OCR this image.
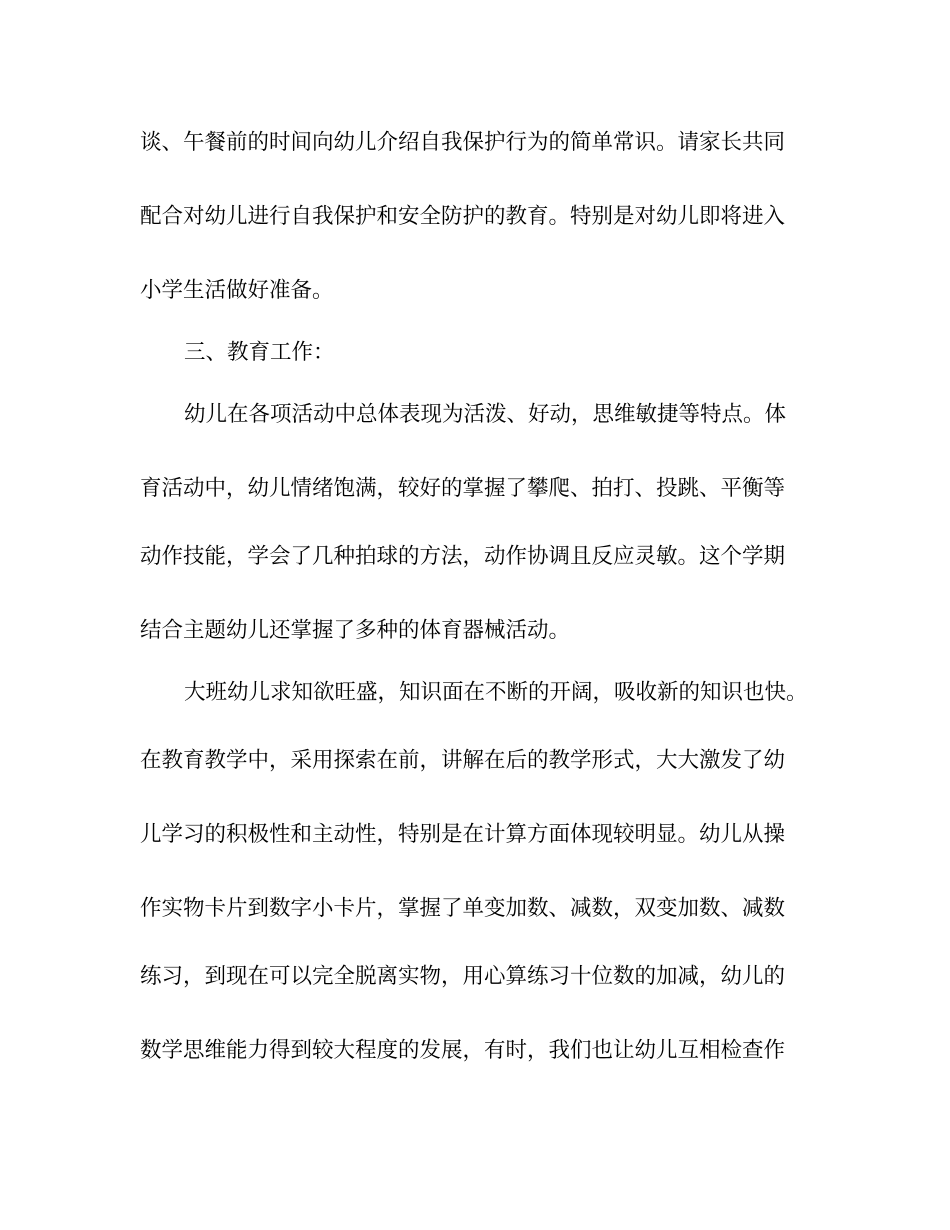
谈、午餐前的时间向幼儿介绍自我保护行为的简单常识。请家长共同

配合对幼儿进行自我保护和安全防护的教育。特别是对幼儿即将进入

小学生活做好准备。

三、教育工作：

幼儿在各项活动中总体表现为活泼、好动，思维敏捷等特点。体

育活动中，幼儿情绪饱满，较好的掌握了攀爬、拍打、投跳、平衡等

动作技能，学会了几种拍球的方法，动作协调且反应灵敏。这个学期

结合主题幼儿还掌握了多种的体育器械活动。

大班幼儿求知欲旺盛，知识面在不断的开阔，吸收新的知识也快。

在教育教学中，采用探索在前，讲解在后的教学形式，大大激发了幼

儿学习的积极性和主动性，特别是在计算方面体现较明显。幼儿从操

作实物卡片到数字小卡片，掌握了单变加数、减数，双变加数、减数

练习，到现在可以完全脱离实物，用心算练习十位数的加减，幼儿的

数学思维能力得到较大程度的发展，有时，我们也让幼儿互相检查作
